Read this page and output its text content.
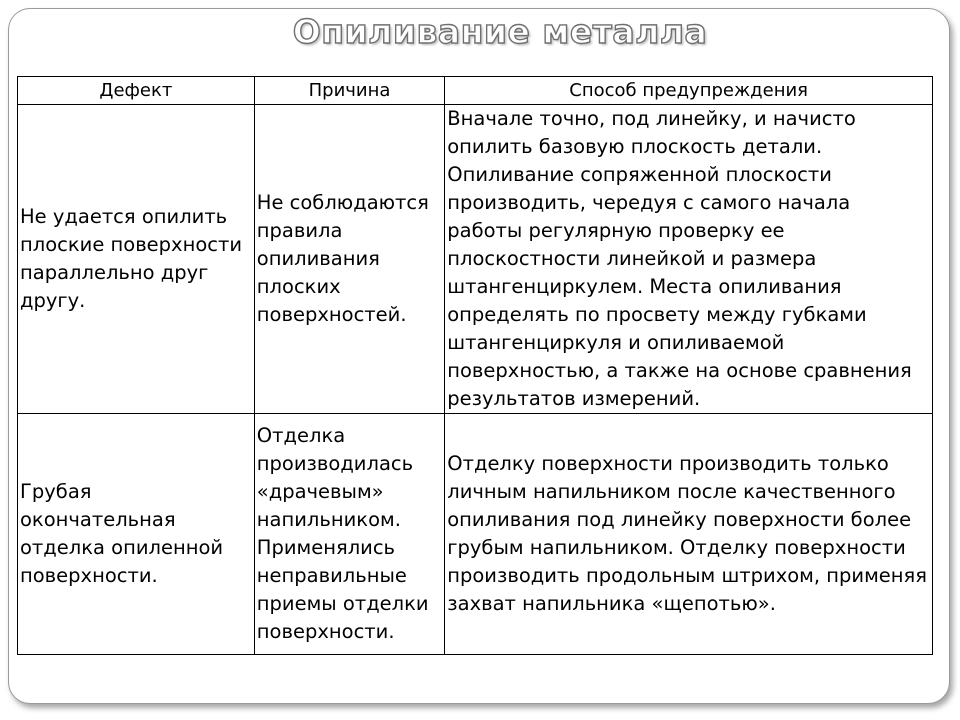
Опиливание металла
Дефект	Причина	Способ предупреждения
Не удается опилить плоские поверхности параллельно друг другу.	Не соблюдаются правила опиливания плоских поверхностей.	Вначале точно, под линейку, и начисто опилить базовую плоскость детали. Опиливание сопряженной плоскости производить, чередуя с самого начала работы регулярную проверку ее плоскостности линейкой и размера штангенциркулем. Места опиливания определять по просвету между губками штангенциркуля и опиливаемой поверхностью, а также на основе сравнения результатов измерений.
Грубая окончательная отделка опиленной поверхности.	Отделка производилась «драчевым» напильником. Применялись неправильные приемы отделки поверхности.	Отделку поверхности производить только личным напильником после качественного опиливания под линейку поверхности более грубым напильником. Отделку поверхности производить продольным штрихом, применяя захват напильника «щепотью».
